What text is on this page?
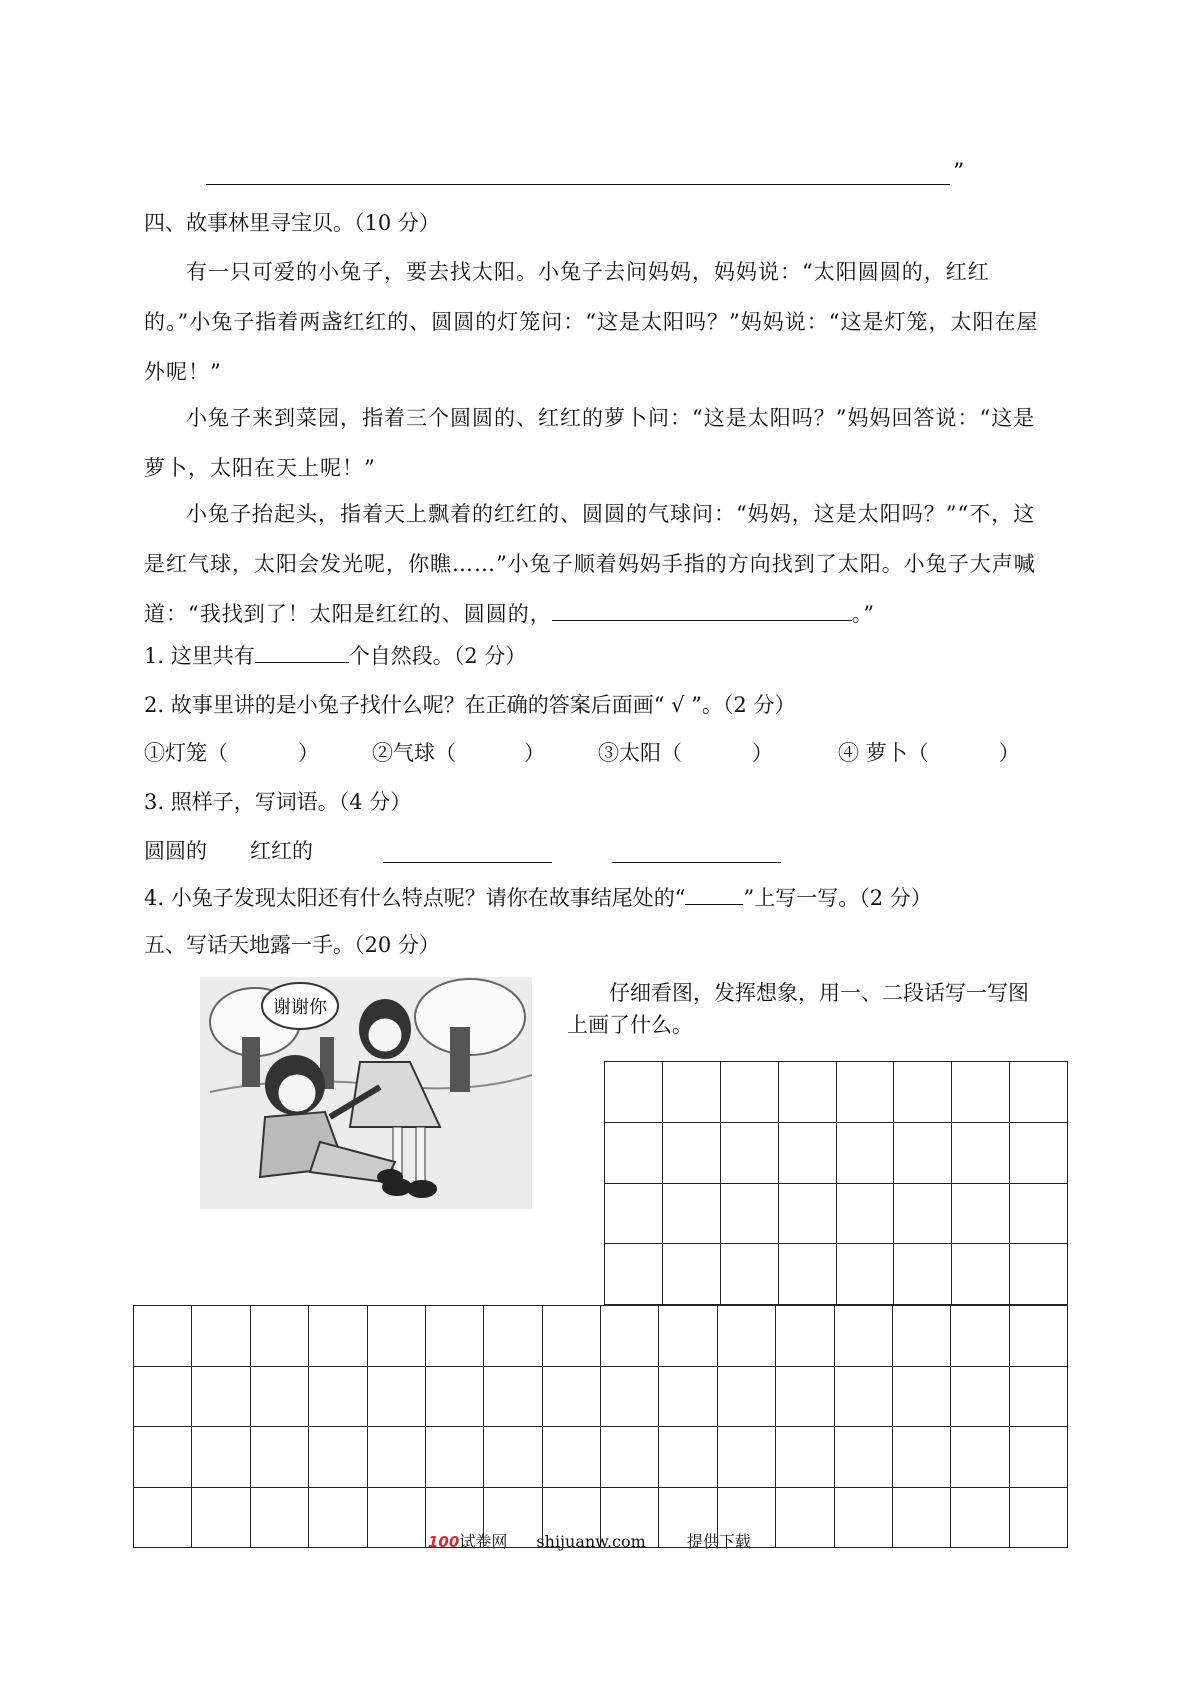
”

四、故事林里寻宝贝。（10 分）

有一只可爱的小兔子，要去找太阳。小兔子去问妈妈，妈妈说：“太阳圆圆的，红红的。”小兔子指着两盏红红的、圆圆的灯笼问：“这是太阳吗？”妈妈说：“这是灯笼，太阳在屋外呢！”

小兔子来到菜园，指着三个圆圆的、红红的萝卜问：“这是太阳吗？”妈妈回答说：“这是萝卜，太阳在天上呢！”

小兔子抬起头，指着天上飘着的红红的、圆圆的气球问：“妈妈，这是太阳吗？”“不，这是红气球，太阳会发光呢，你瞧……”小兔子顺着妈妈手指的方向找到了太阳。小兔子大声喊道：“我找到了！太阳是红红的、圆圆的，	。”

1. 这里共有	个自然段。（2 分）

2. 故事里讲的是小兔子找什么呢？在正确的答案后面画“ √ ”。（2 分）

①灯笼（	）	②气球（	）	③太阳（	）	④ 萝卜（	）

3. 照样子，写词语。（4 分）

圆圆的 红红的

4. 小兔子发现太阳还有什么特点呢？请你在故事结尾处的“	”上写一写。（2 分）

五、写话天地露一手。（20 分）

谢谢你

仔细看图，发挥想象，用一、二段话写一写图上画了什么。

100试卷网 shijuanw.com	提供下载
